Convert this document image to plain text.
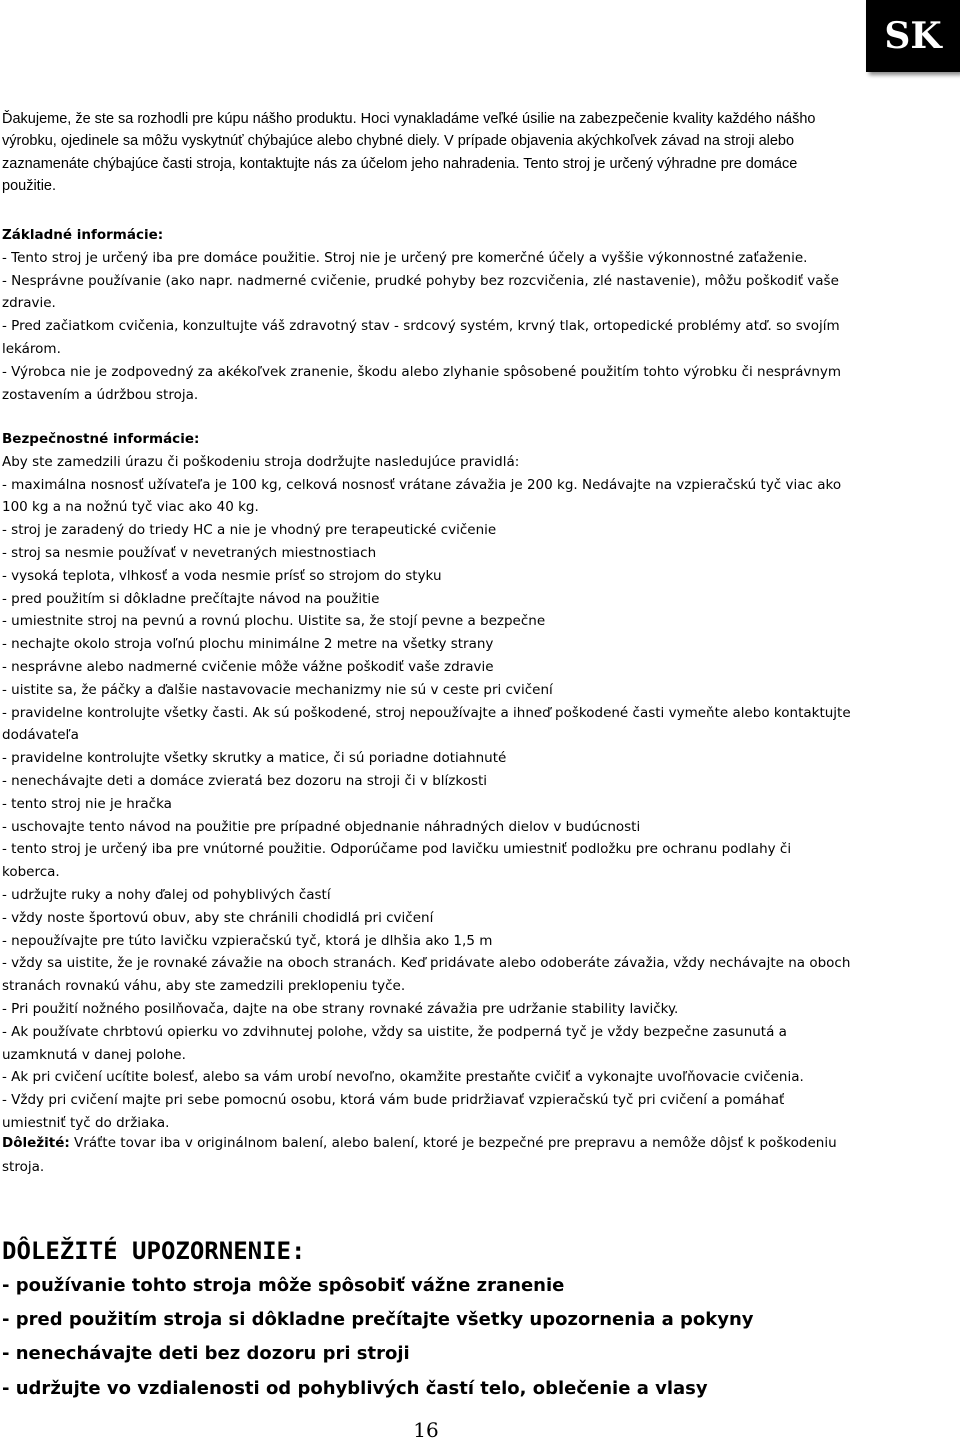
SK

Ďakujeme, že ste sa rozhodli pre kúpu nášho produktu. Hoci vynakladáme veľké úsilie na zabezpečenie kvality každého nášho výrobku, ojedinele sa môžu vyskytnúť chýbajúce alebo chybné diely. V prípade objavenia akýchkoľvek závad na stroji alebo zaznamenáte chýbajúce časti stroja, kontaktujte nás za účelom jeho nahradenia. Tento stroj je určený výhradne pre domáce použitie.

Základné informácie:
- Tento stroj je určený iba pre domáce použitie. Stroj nie je určený pre komerčné účely a vyššie výkonnostné zaťaženie.
- Nesprávne používanie (ako napr. nadmerné cvičenie, prudké pohyby bez rozcvičenia, zlé nastavenie), môžu poškodiť vaše zdravie.
- Pred začiatkom cvičenia, konzultujte váš zdravotný stav - srdcový systém, krvný tlak, ortopedické problémy atď. so svojím lekárom.
- Výrobca nie je zodpovedný za akékoľvek zranenie, škodu alebo zlyhanie spôsobené použitím tohto výrobku či nesprávnym zostavením a údržbou stroja.
Bezpečnostné informácie:
Aby ste zamedzili úrazu či poškodeniu stroja dodržujte nasledujúce pravidlá:
- maximálna nosnosť užívateľa je 100 kg, celková nosnosť vrátane závažia je 200 kg. Nedávajte na vzpieračskú tyč viac ako 100 kg a na nožnú tyč viac ako 40 kg.
- stroj je zaradený do triedy HC a nie je vhodný pre terapeutické cvičenie
- stroj sa nesmie používať v nevetraných miestnostiach
- vysoká teplota, vlhkosť a voda nesmie prísť so strojom do styku
- pred použitím si dôkladne prečítajte návod na použitie
- umiestnite stroj na pevnú a rovnú plochu. Uistite sa, že stojí pevne a bezpečne
- nechajte okolo stroja voľnú plochu minimálne 2 metre na všetky strany
- nesprávne alebo nadmerné cvičenie môže vážne poškodiť vaše zdravie
- uistite sa, že páčky a ďalšie nastavovacie mechanizmy nie sú v ceste pri cvičení
- pravidelne kontrolujte všetky časti. Ak sú poškodené, stroj nepoužívajte a ihneď poškodené časti vymeňte alebo kontaktujte dodávateľa
- pravidelne kontrolujte všetky skrutky a matice, či sú poriadne dotiahnuté
- nenechávajte deti a domáce zvieratá bez dozoru na stroji či v blízkosti
- tento stroj nie je hračka
- uschovajte tento návod na použitie pre prípadné objednanie náhradných dielov v budúcnosti
- tento stroj je určený iba pre vnútorné použitie. Odporúčame pod lavičku umiestniť podložku pre ochranu podlahy či koberca.
- udržujte ruky a nohy ďalej od pohyblivých častí
- vždy noste športovú obuv, aby ste chránili chodidlá pri cvičení
- nepoužívajte pre túto lavičku vzpieračskú tyč, ktorá je dlhšia ako 1,5 m
- vždy sa uistite, že je rovnaké závažie na oboch stranách. Keď pridávate alebo odoberáte závažia, vždy nechávajte na oboch stranách rovnakú váhu, aby ste zamedzili preklopeniu tyče.
- Pri použití nožného posilňovača, dajte na obe strany rovnaké závažia pre udržanie stability lavičky.
- Ak používate chrbtovú opierku vo zdvihnutej polohe, vždy sa uistite, že podperná tyč je vždy bezpečne zasunutá a uzamknutá v danej polohe.
- Ak pri cvičení ucítite bolesť, alebo sa vám urobí nevoľno, okamžite prestaňte cvičiť a vykonajte uvoľňovacie cvičenia.
- Vždy pri cvičení majte pri sebe pomocnú osobu, ktorá vám bude pridržiavať vzpieračskú tyč pri cvičení a pomáhať umiestniť tyč do držiaka.
Dôležité: Vráťte tovar iba v originálnom balení, alebo balení, ktoré je bezpečné pre prepravu a nemôže dôjsť k poškodeniu stroja.
DÔLEŽITÉ UPOZORNENIE:
- používanie tohto stroja môže spôsobiť vážne zranenie
- pred použitím stroja si dôkladne prečítajte všetky upozornenia a pokyny
- nenechávajte deti bez dozoru pri stroji
- udržujte vo vzdialenosti od pohyblivých častí telo, oblečenie a vlasy
16
